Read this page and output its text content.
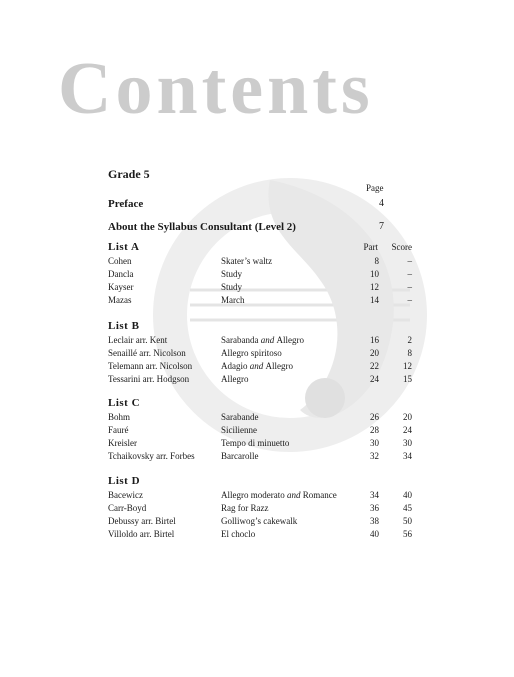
Contents
Grade 5
Page
Preface	4
About the Syllabus Consultant (Level 2)	7
List A	Part Score
Cohen	Skater’s waltz	8	–
Dancla	Study	10	–
Kayser	Study	12	–
Mazas	March	14	–
List B
Leclair arr. Kent	Sarabanda and Allegro	16	2
Senaillé arr. Nicolson	Allegro spiritoso	20	8
Telemann arr. Nicolson	Adagio and Allegro	22	12
Tessarini arr. Hodgson	Allegro	24	15
List C
Bohm	Sarabande	26	20
Fauré	Sicilienne	28	24
Kreisler	Tempo di minuetto	30	30
Tchaikovsky arr. Forbes	Barcarolle	32	34
List D
Bacewicz	Allegro moderato and Romance	34	40
Carr-Boyd	Rag for Razz	36	45
Debussy arr. Birtel	Golliwog’s cakewalk	38	50
Villoldo arr. Birtel	El choclo	40	56
